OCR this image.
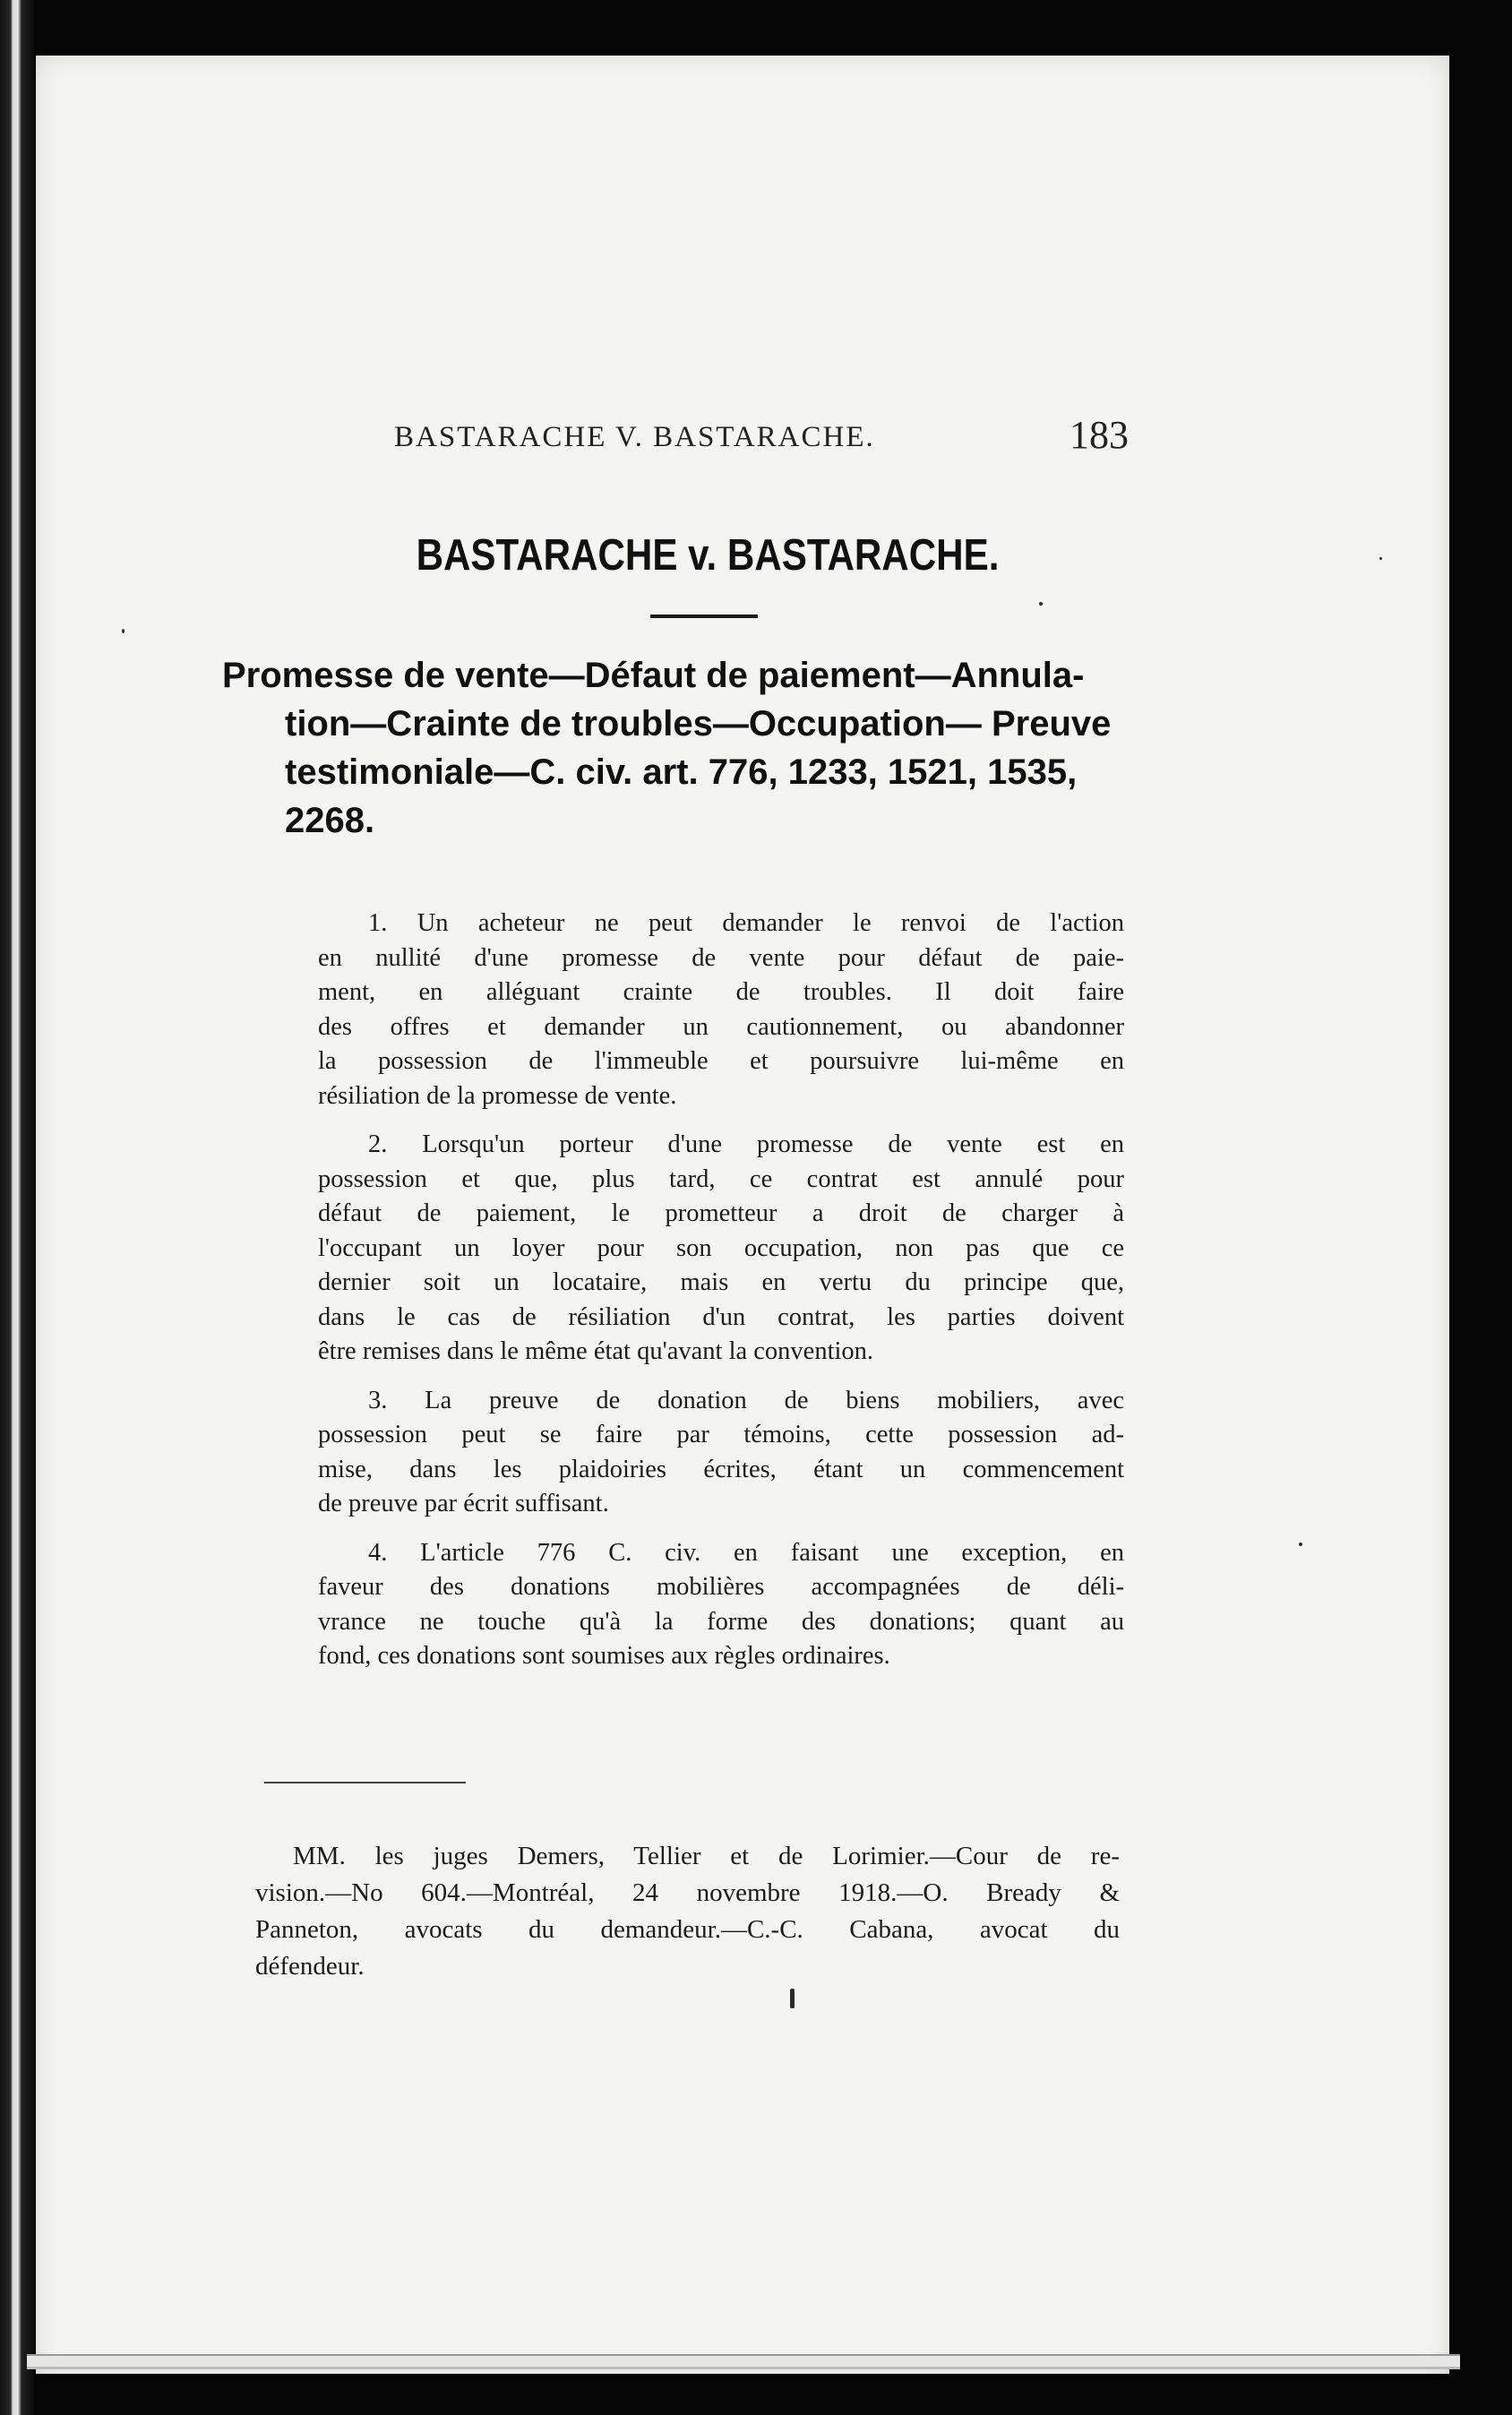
BASTARACHE V. BASTARACHE.	183
BASTARACHE v. BASTARACHE.

Promesse de vente—Défaut de paiement—Annula-
tion—Crainte de troubles—Occupation— Preuve
testimoniale—C. civ. art. 776, 1233, 1521, 1535,
2268.

1. Un acheteur ne peut demander le renvoi de l'action
en nullité d'une promesse de vente pour défaut de paie-
ment, en alléguant crainte de troubles. Il doit faire
des offres et demander un cautionnement, ou abandonner
la possession de l'immeuble et poursuivre lui-même en
résiliation de la promesse de vente.
2. Lorsqu'un porteur d'une promesse de vente est en
possession et que, plus tard, ce contrat est annulé pour
défaut de paiement, le prometteur a droit de charger à
l'occupant un loyer pour son occupation, non pas que ce
dernier soit un locataire, mais en vertu du principe que,
dans le cas de résiliation d'un contrat, les parties doivent
être remises dans le même état qu'avant la convention.
3. La preuve de donation de biens mobiliers, avec
possession peut se faire par témoins, cette possession ad-
mise, dans les plaidoiries écrites, étant un commencement
de preuve par écrit suffisant.
4. L'article 776 C. civ. en faisant une exception, en
faveur des donations mobilières accompagnées de déli-
vrance ne touche qu'à la forme des donations; quant au
fond, ces donations sont soumises aux règles ordinaires.
MM. les juges Demers, Tellier et de Lorimier.—Cour de re-
vision.—No 604.—Montréal, 24 novembre 1918.—O. Bready &
Panneton, avocats du demandeur.—C.-C. Cabana, avocat du
défendeur.
